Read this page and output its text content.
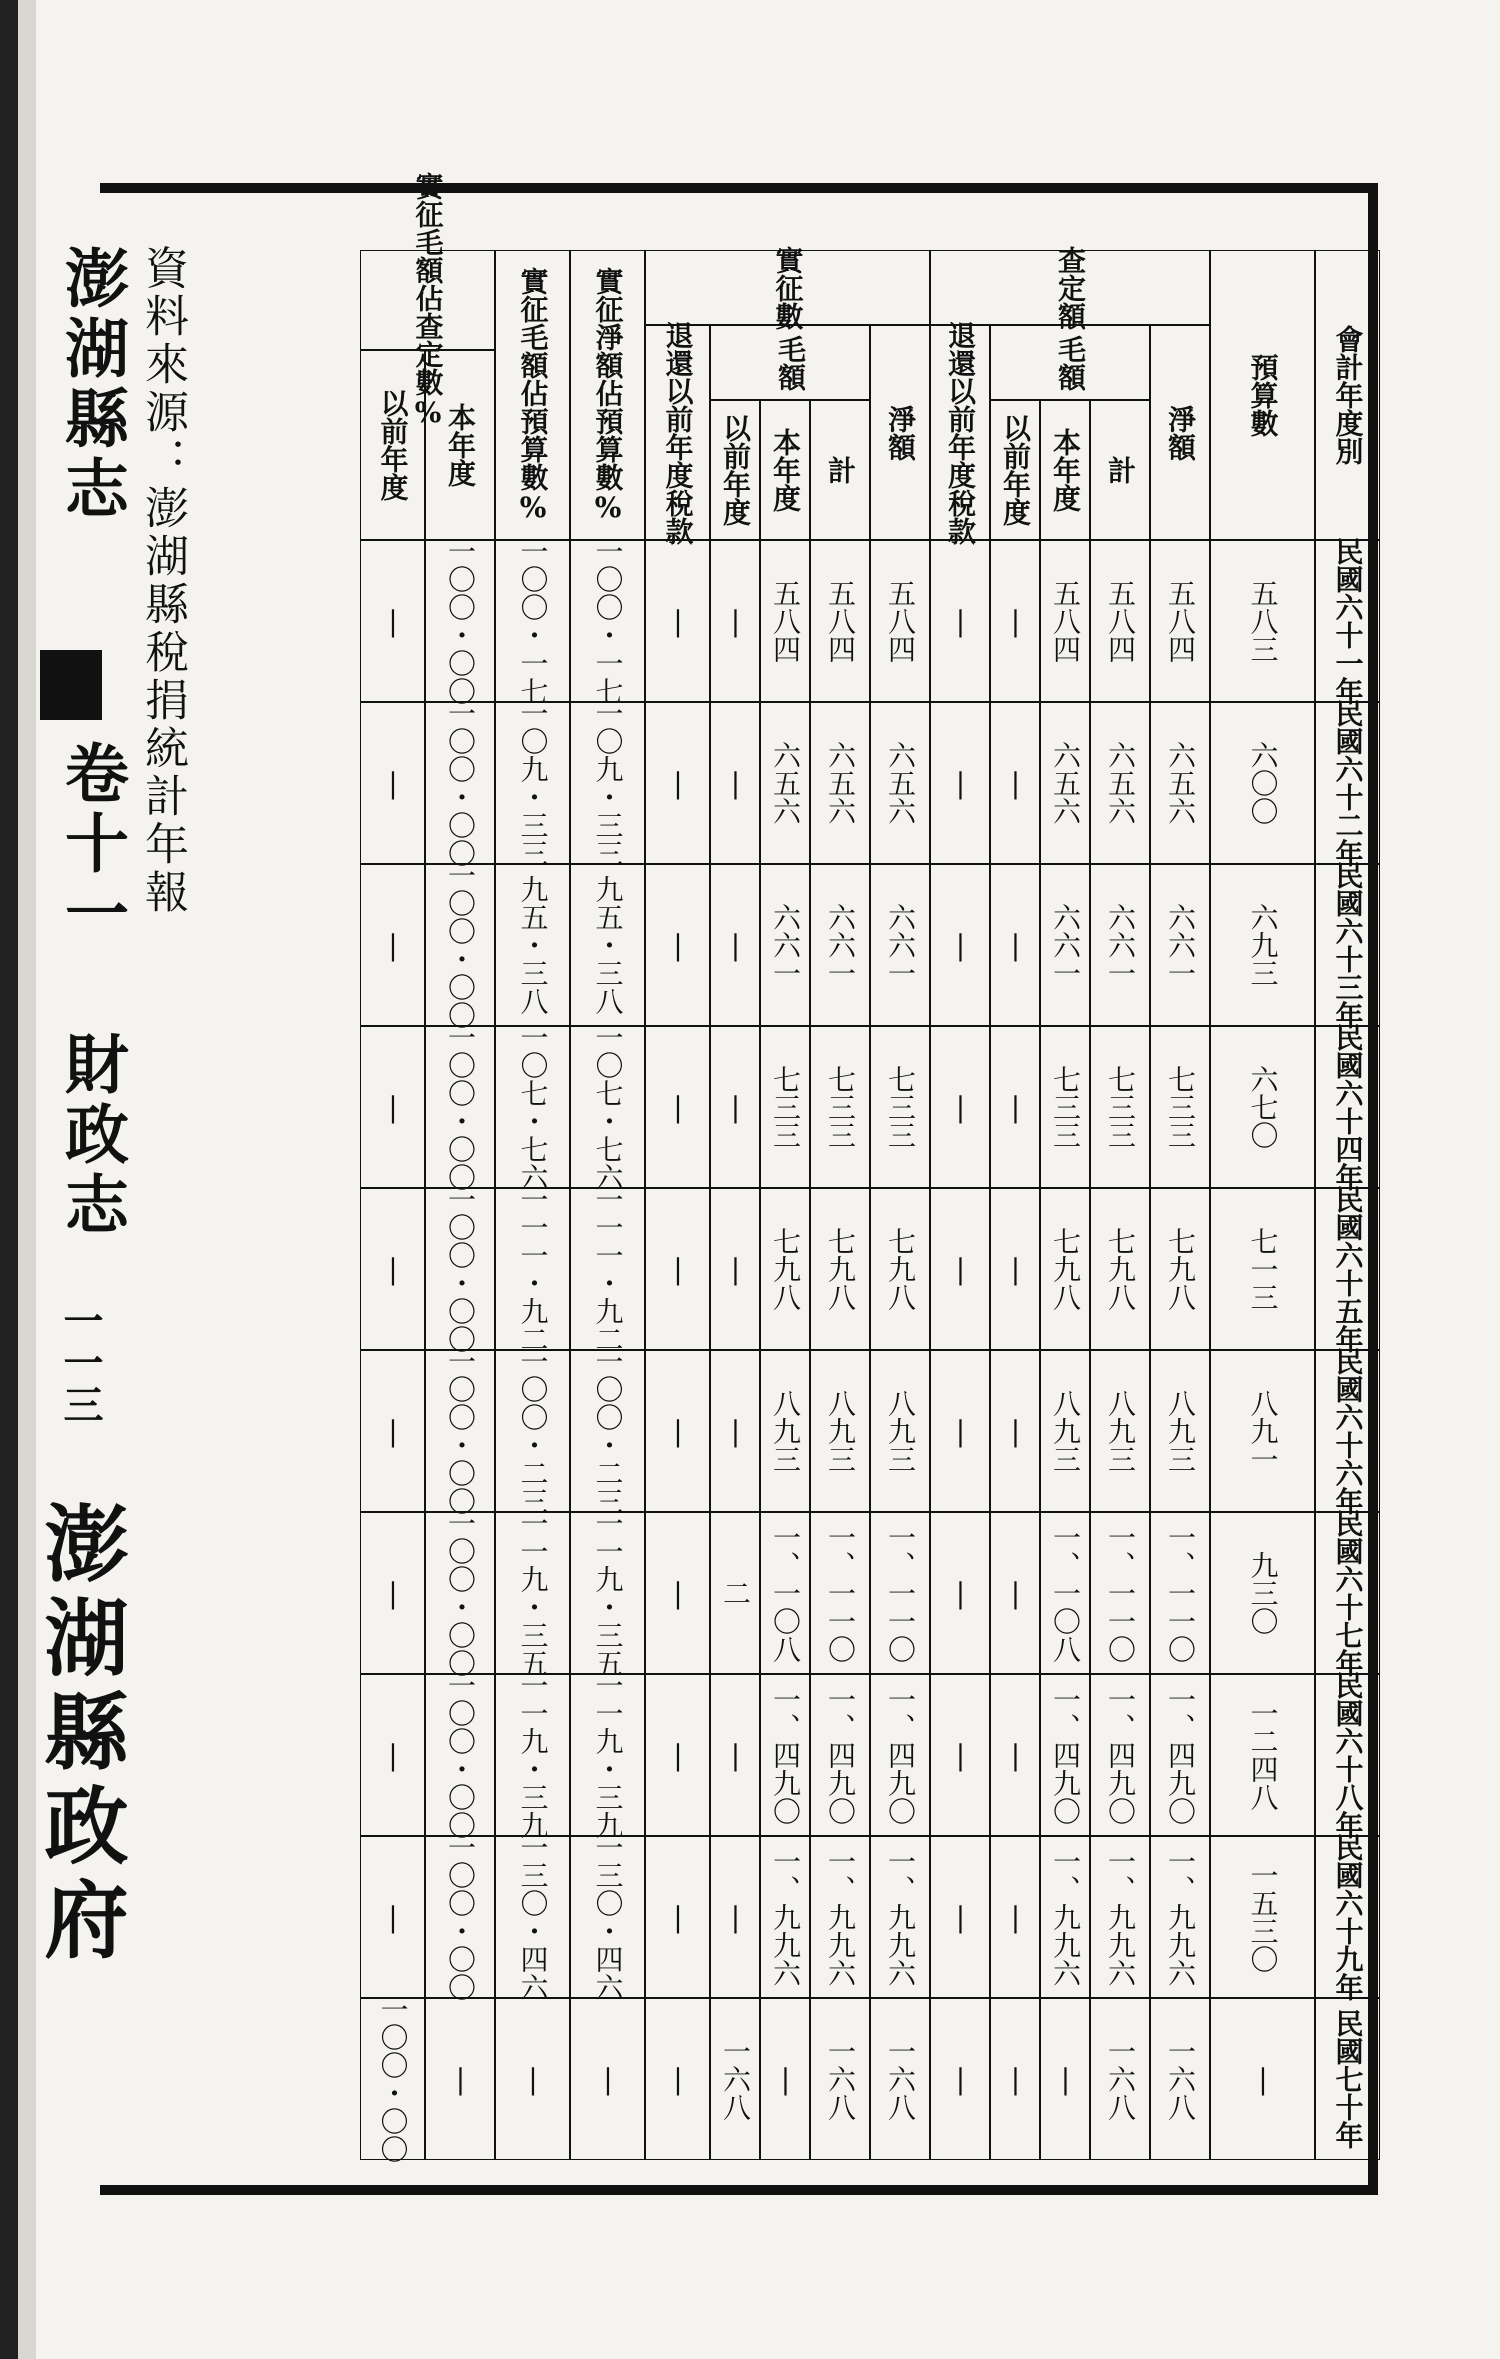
澎湖縣志
卷十一 財政志
一一三
澎湖縣政府
資料來源：澎湖縣稅捐統計年報	會計年度別
民國六十一年
民國六十二年
民國六十三年
民國六十四年
民國六十五年
民國六十六年
民國六十七年
民國六十八年
民國六十九年
民國七十年
預算數
查定額
實征數
淨額
毛額
計
本年度
以前年度
退還以前年度稅款
淨額
毛額
計
本年度
以前年度
退還以前年度稅款
實征淨額佔預算數%
實征毛額佔預算數%
實征毛額佔查定數%
本年度
以前年度
五八三
六〇〇
六九三
六七〇
七一三
八九一
九三〇
一二四八
一五三〇
|
五八四
六五六
六六一
七三三
七九八
八九三
一、一一〇
一、四九〇
一、九九六
一六八
五八四
六五六
六六一
七三三
七九八
八九三
一、一一〇
一、四九〇
一、九九六
一六八
五八四
六五六
六六一
七三三
七九八
八九三
一、一〇八
一、四九〇
一、九九六
|
|
|
|
|
|
|
|
|
|
|
|
|
|
|
|
|
|
|
|
|
五八四
六五六
六六一
七三三
七九八
八九三
一、一一〇
一、四九〇
一、九九六
一六八
五八四
六五六
六六一
七三三
七九八
八九三
一、一一〇
一、四九〇
一、九九六
一六八
五八四
六五六
六六一
七三三
七九八
八九三
一、一〇八
一、四九〇
一、九九六
|
|
|
|
|
|
|
二
|
|
一六八
|
|
|
|
|
|
|
|
|
|
一〇〇・一七
一〇九・三三
九五・三八
一〇七・七六
一一一・九二
一〇〇・二三
一一九・三五
一一九・三九
一三〇・四六
|
一〇〇・一七
一〇九・三三
九五・三八
一〇七・七六
一一一・九二
一〇〇・二三
一一九・三五
一一九・三九
一三〇・四六
|
一〇〇・〇〇
一〇〇・〇〇
一〇〇・〇〇
一〇〇・〇〇
一〇〇・〇〇
一〇〇・〇〇
一〇〇・〇〇
一〇〇・〇〇
一〇〇・〇〇
|
|
|
|
|
|
|
|
|
|
一〇〇・〇〇
